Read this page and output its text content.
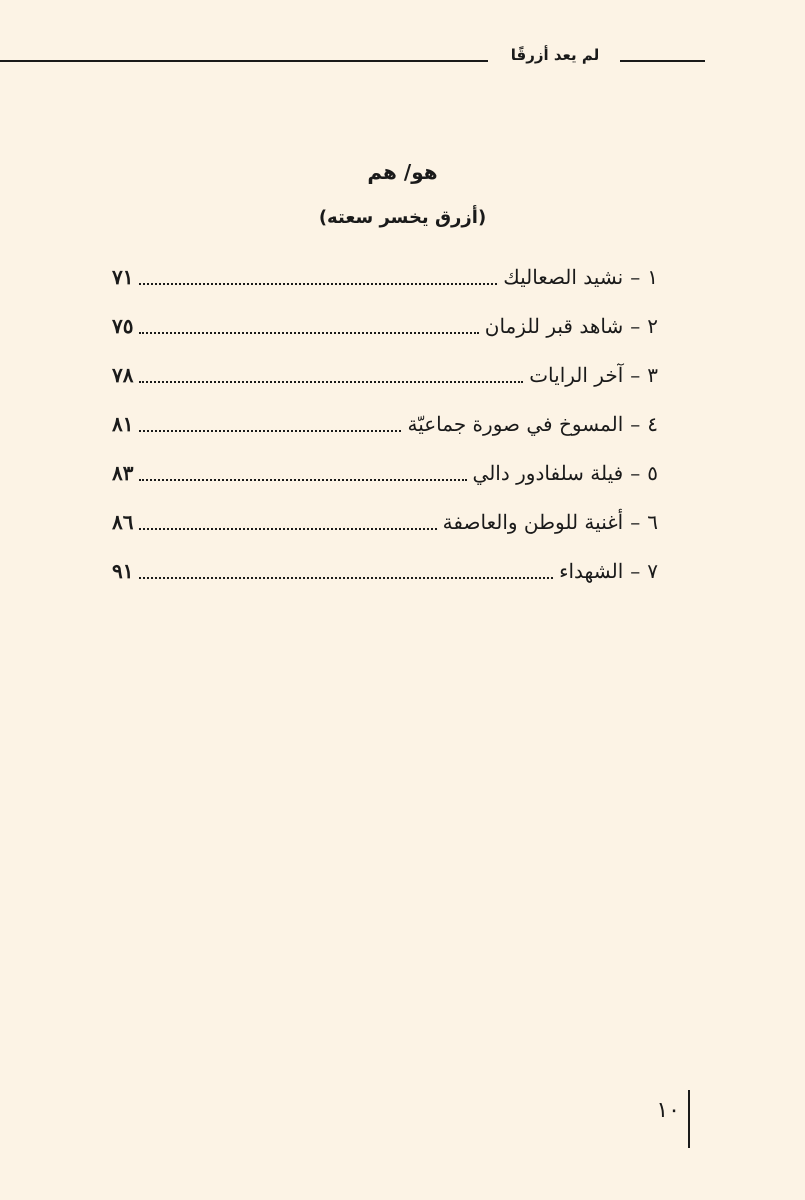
لم يعد أزرقًا
هو/ هم
(أزرق يخسر سعته)
١
–
نشيد الصعاليك
٧١
٢
–
شاهد قبر للزمان
٧٥
٣
–
آخر الرايات
٧٨
٤
–
المسوخ في صورة جماعيّة
٨١
٥
–
فيلة سلفادور دالي
٨٣
٦
–
أغنية للوطن والعاصفة
٨٦
٧
–
الشهداء
٩١
١٠
